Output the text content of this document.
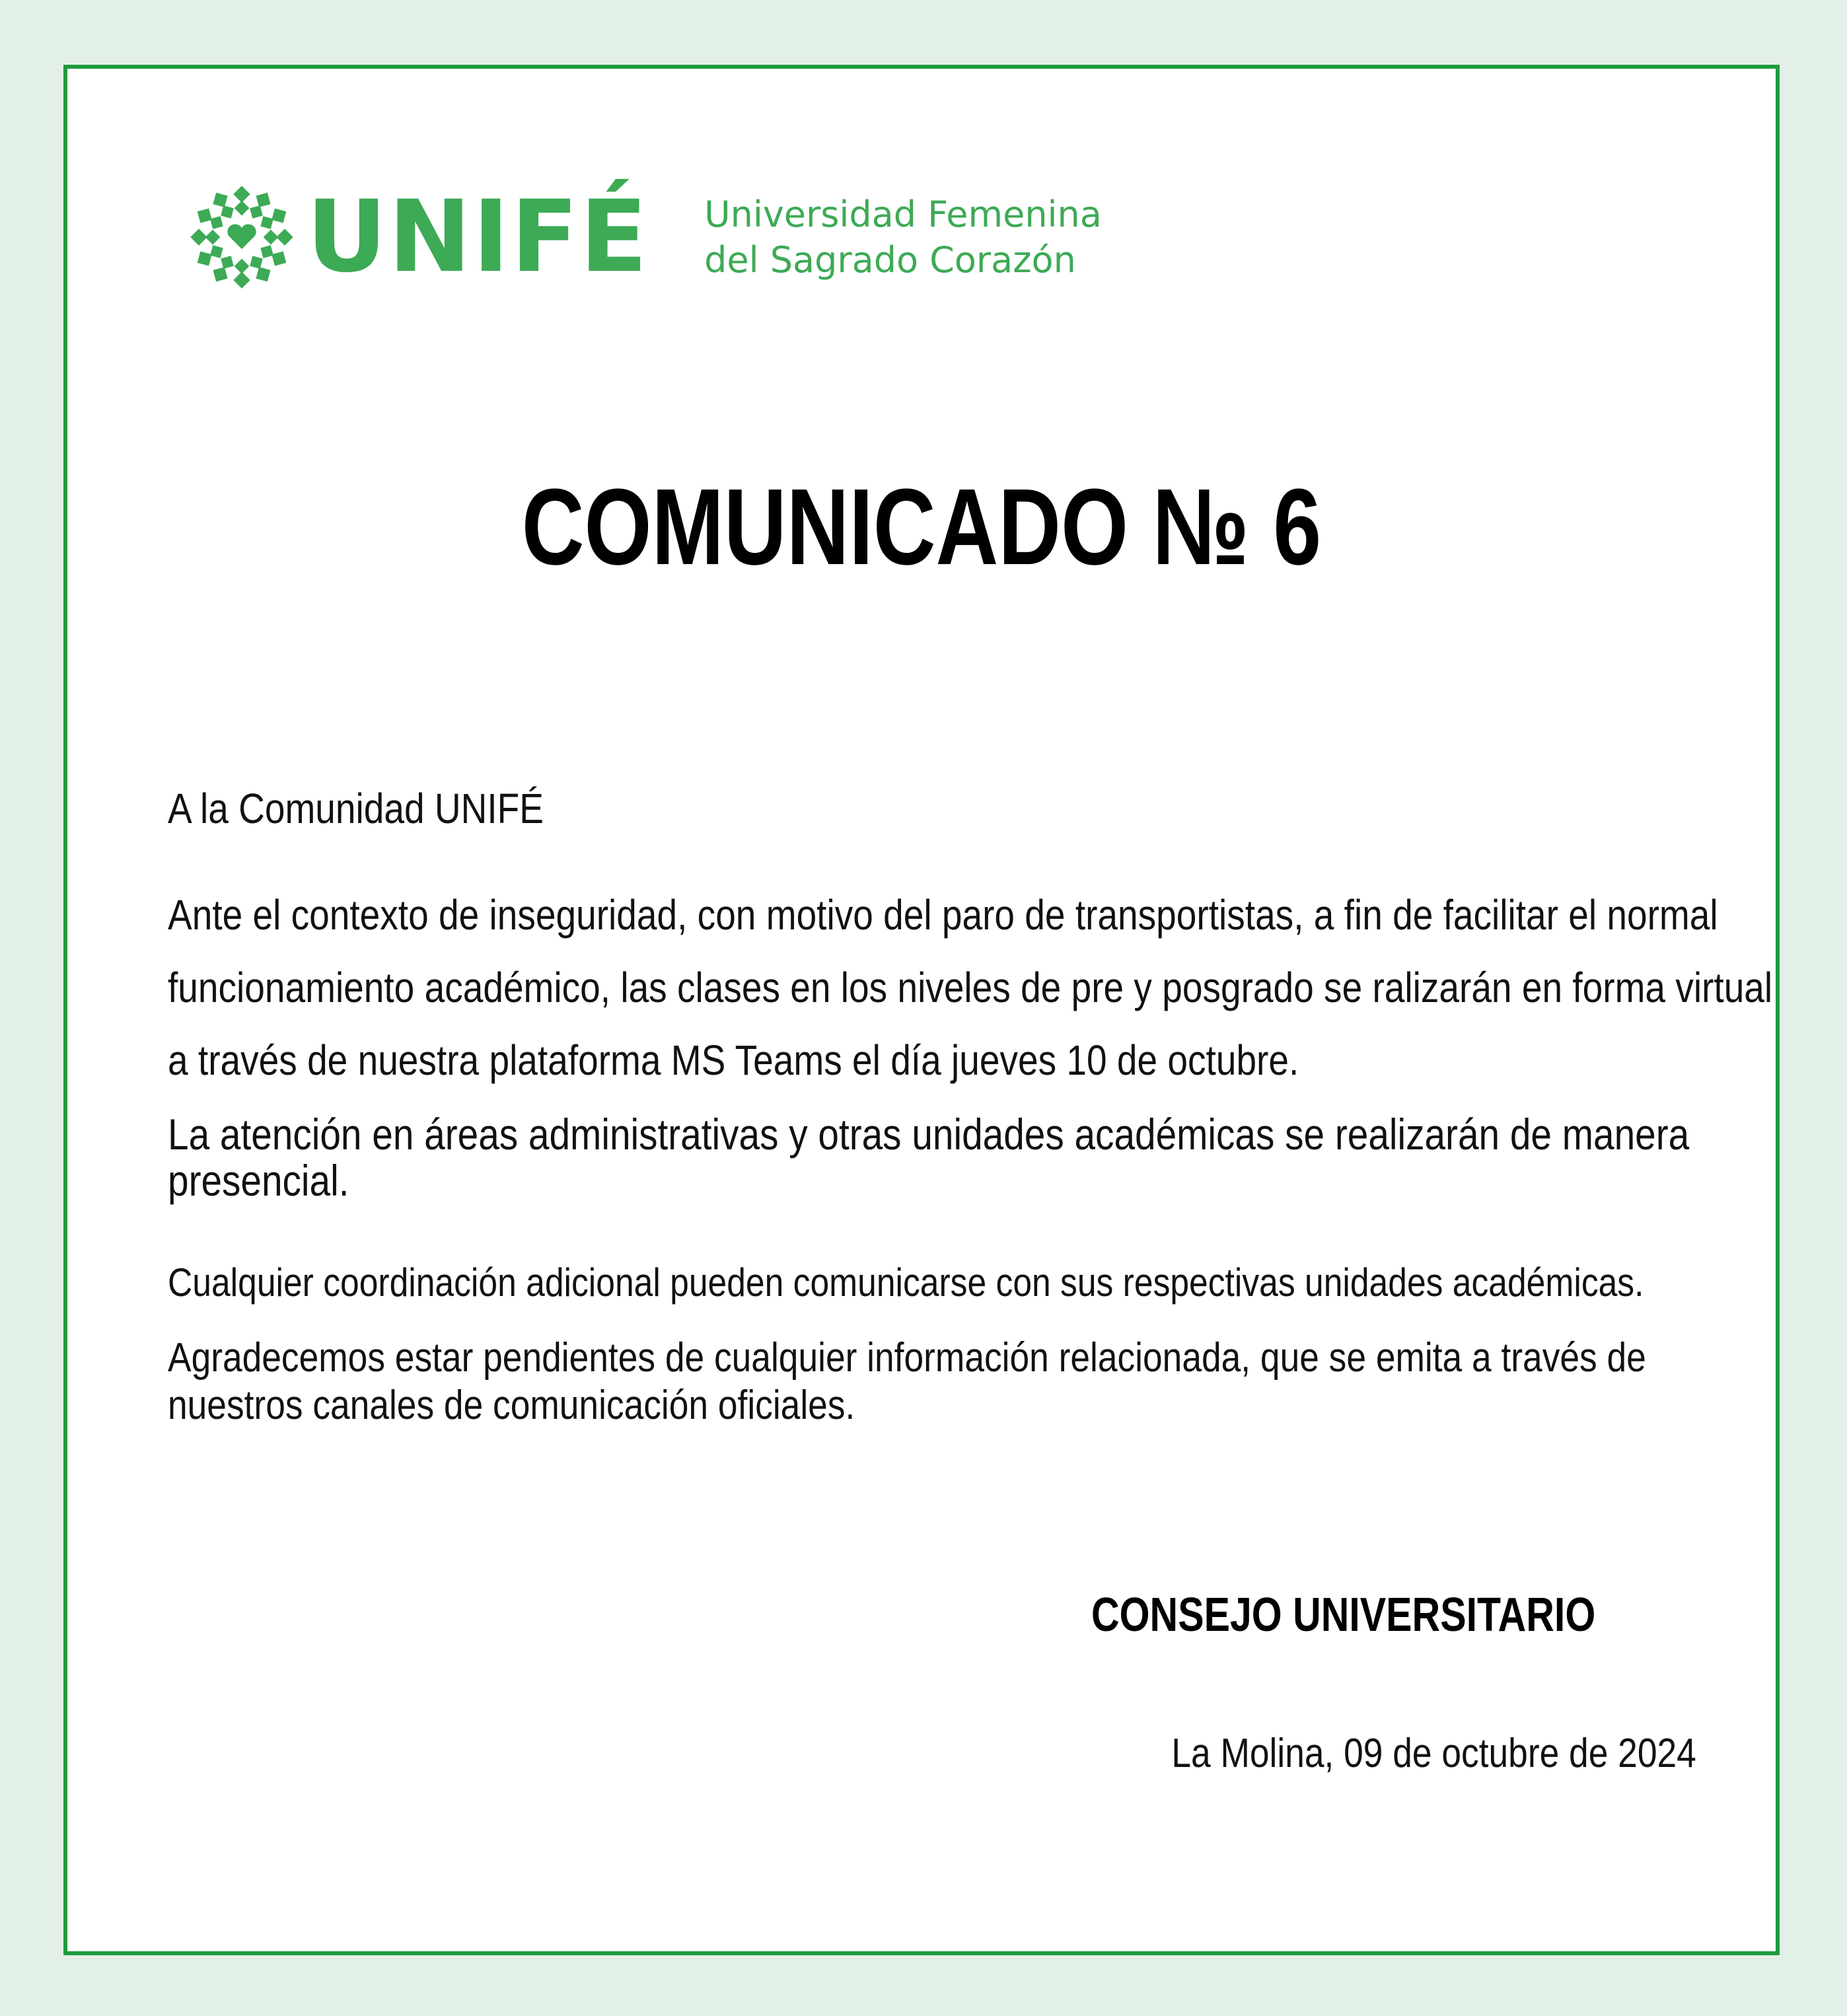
UNIFÉ Universidad Femenina
del Sagrado Corazón
COMUNICADO № 6

A la Comunidad UNIFÉ

Ante el contexto de inseguridad, con motivo del paro de transportistas, a fin de facilitar el normal funcionamiento académico, las clases en los niveles de pre y posgrado se ralizarán en forma virtual a través de nuestra plataforma MS Teams el día jueves 10 de octubre.

La atención en áreas administrativas y otras unidades académicas se realizarán de manera presencial.

Cualquier coordinación adicional pueden comunicarse con sus respectivas unidades académicas.

Agradecemos estar pendientes de cualquier información relacionada, que se emita a través de nuestros canales de comunicación oficiales.

CONSEJO UNIVERSITARIO

La Molina, 09 de octubre de 2024
